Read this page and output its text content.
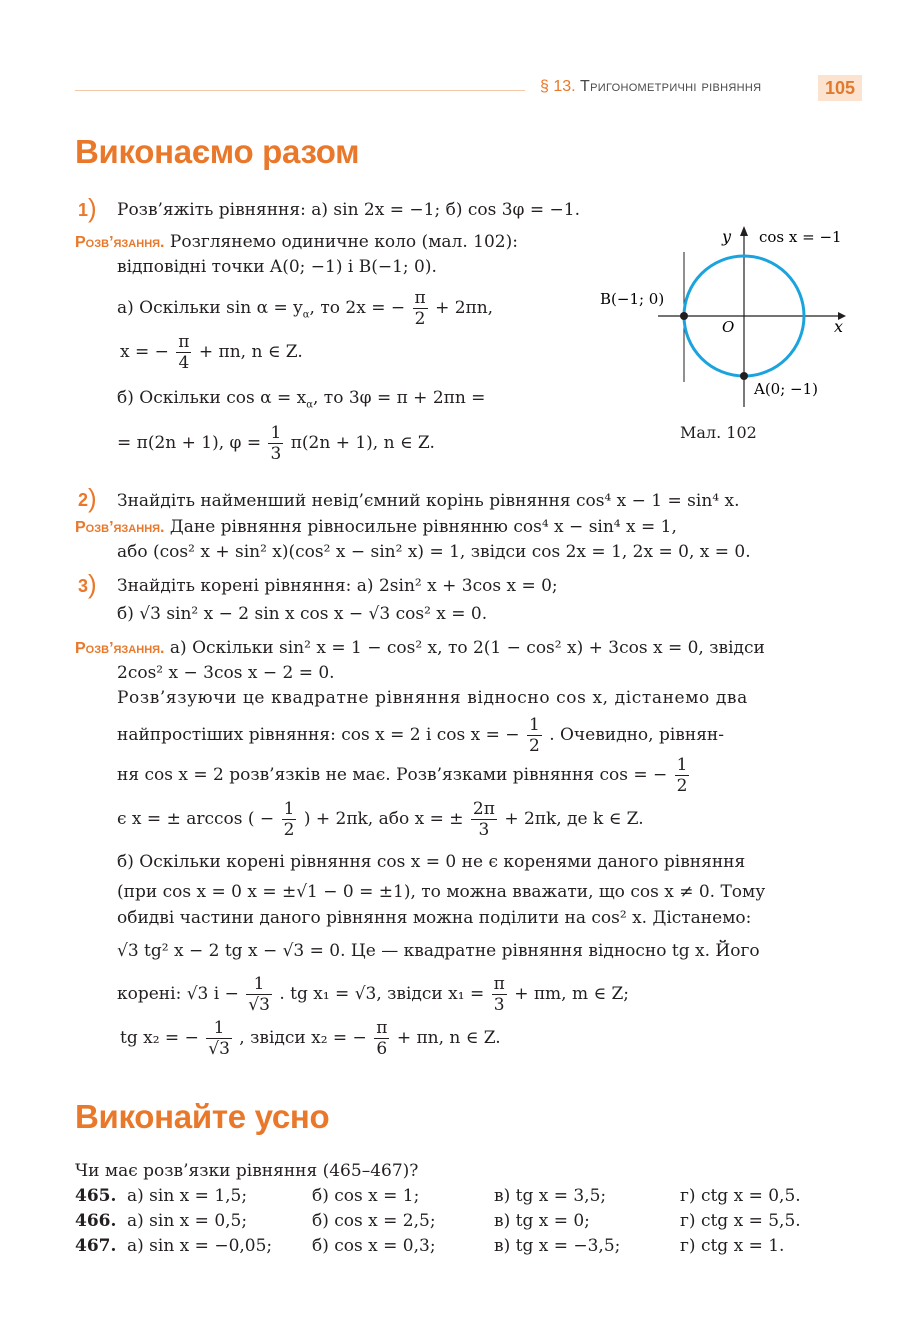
§ 13. Тригонометричні рівняння	105
Виконаємо разом
1 ) Розв’яжіть рівняння: а) sin 2x = −1; б) cos 3φ = −1.
Розв’язання. Розглянемо одиничне коло (мал. 102):
відповідні точки A(0; −1) і B(−1; 0).
а) Оскільки $\sin \alpha = y_\alpha$, то 2x = − $\frac{\pi}{2} + 2\pi n$,
x = − $\frac{\pi}{4} + \pi n$, n ∈ Z.
б) Оскільки $\cos \alpha = x_\alpha$, то 3φ = π + 2πn =
= π(2n + 1), $\varphi = \frac{1}{3} \pi(2n + 1)$, n ∈ Z.
y
x
O
cos x = −1
B(−1; 0)
A(0; −1)
Мал. 102
2 ) Знайдіть найменший невід’ємний корінь рівняння cos⁴ x − 1 = sin⁴ x.
Розв’язання. Дане рівняння рівносильне рівнянню cos⁴ x − sin⁴ x = 1,
або (cos² x + sin² x)(cos² x − sin² x) = 1, звідси cos 2x = 1, 2x = 0, x = 0.
3 ) Знайдіть корені рівняння: а) 2sin² x + 3cos x = 0;
б) √3 sin² x − 2 sin x cos x − √3 cos² x = 0.
Розв’язання. а) Оскільки sin² x = 1 − cos² x, то 2(1 − cos² x) + 3cos x = 0, звідси
2cos² x − 3cos x − 2 = 0.
Розв’язуючи це квадратне рівняння відносно cos x, дістанемо два
найпростіших рівняння: cos x = 2 і cos x = − $\frac{1}{2}$ . Очевидно, рівнян-
ня cos x = 2 розв’язків не має. Розв’язками рівняння cos = − $\frac{1}{2}$
є x = ± arccos ( − $\frac{1}{2}$ ) + 2πk, або x = ± $\frac{2\pi}{3} + 2\pi k$, де k ∈ Z.
б) Оскільки корені рівняння cos x = 0 не є коренями даного рівняння
(при cos x = 0 x = ±√1 − 0 = ±1), то можна вважати, що cos x ≠ 0. Тому
обидві частини даного рівняння можна поділити на cos² x. Дістанемо:
√3 tg² x − 2 tg x − √3 = 0. Це — квадратне рівняння відносно tg x. Його
корені: √3 $і - \frac{1}{√3}$ . tg x₁ = √3, звідси $x_1 = \frac{\pi}{3} + \pi m$, m ∈ Z;
tg x₂ = − $\frac{1}{√3}$ , звідси x₂ = − $\frac{\pi}{6} + \pi n$, n ∈ Z.
Виконайте усно
Чи має розв’язки рівняння (465–467)?
465. а) sin x = 1,5;	б) cos x = 1;	в) tg x = 3,5;	г) ctg x = 0,5.
466. а) sin x = 0,5;	б) cos x = 2,5;	в) tg x = 0;	г) ctg x = 5,5.
467. а) sin x = −0,05; б) cos x = 0,3;	в) tg x = −3,5;	г) ctg x = 1.
